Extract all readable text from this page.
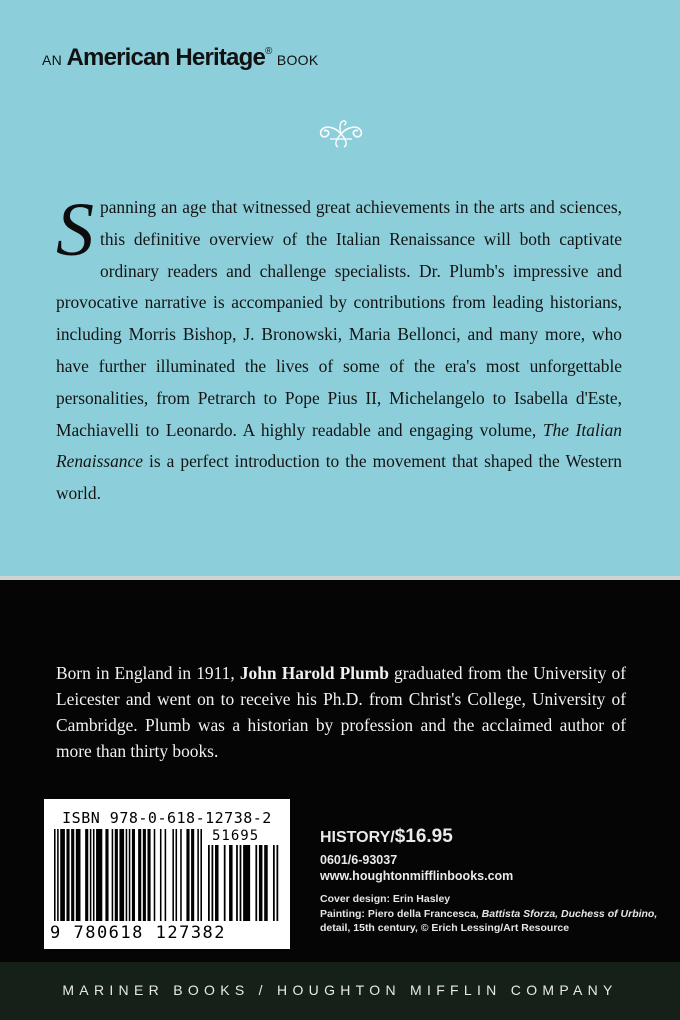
AN American Heritage® BOOK
Spanning an age that witnessed great achievements in the arts and sciences, this definitive overview of the Italian Renaissance will both captivate ordinary readers and challenge specialists. Dr. Plumb's impressive and provocative narrative is accompanied by contributions from leading historians, including Morris Bishop, J. Bronowski, Maria Bellonci, and many more, who have further illuminated the lives of some of the era's most unforgettable personalities, from Petrarch to Pope Pius II, Michelangelo to Isabella d'Este, Machiavelli to Leonardo. A highly readable and engaging volume, The Italian Renaissance is a perfect introduction to the movement that shaped the Western world.
Born in England in 1911, John Harold Plumb graduated from the University of Leicester and went on to receive his Ph.D. from Christ's College, University of Cambridge. Plumb was a historian by profession and the acclaimed author of more than thirty books.
ISBN 978-0-618-12738-2
51695
9 780618 127382
HISTORY/$16.95
0601/6-93037
www.houghtonmifflinbooks.com
Cover design: Erin Hasley
Painting: Piero della Francesca, Battista Sforza, Duchess of Urbino,
detail, 15th century, © Erich Lessing/Art Resource
MARINER BOOKS / HOUGHTON MIFFLIN COMPANY
